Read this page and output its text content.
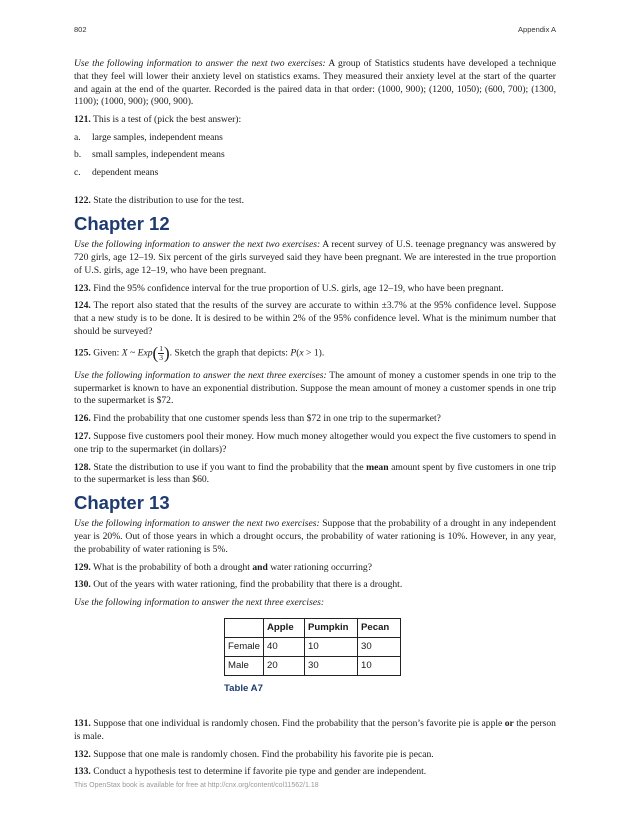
802	Appendix A

Use the following information to answer the next two exercises: A group of Statistics students have developed a technique that they feel will lower their anxiety level on statistics exams. They measured their anxiety level at the start of the quarter and again at the end of the quarter. Recorded is the paired data in that order: (1000, 900); (1200, 1050); (600, 700); (1300, 1100); (1000, 900); (900, 900).

121. This is a test of (pick the best answer):

a.	large samples, independent means
b.	small samples, independent means
c.	dependent means

122. State the distribution to use for the test.

Chapter 12

Use the following information to answer the next two exercises: A recent survey of U.S. teenage pregnancy was answered by 720 girls, age 12–19. Six percent of the girls surveyed said they have been pregnant. We are interested in the true proportion of U.S. girls, age 12–19, who have been pregnant.

123. Find the 95% confidence interval for the true proportion of U.S. girls, age 12–19, who have been pregnant.

124. The report also stated that the results of the survey are accurate to within ±3.7% at the 95% confidence level. Suppose that a new study is to be done. It is desired to be within 2% of the 95% confidence level. What is the minimum number that should be surveyed?

125. Given: X ~ $Exp( \frac{1}{3}$ ). Sketch the graph that depicts: P(x > 1).

Use the following information to answer the next three exercises: The amount of money a customer spends in one trip to the supermarket is known to have an exponential distribution. Suppose the mean amount of money a customer spends in one trip to the supermarket is $72.

126. Find the probability that one customer spends less than $72 in one trip to the supermarket?

127. Suppose five customers pool their money. How much money altogether would you expect the five customers to spend in one trip to the supermarket (in dollars)?

128. State the distribution to use if you want to find the probability that the mean amount spent by five customers in one trip to the supermarket is less than $60.

Chapter 13

Use the following information to answer the next two exercises: Suppose that the probability of a drought in any independent year is 20%. Out of those years in which a drought occurs, the probability of water rationing is 10%. However, in any year, the probability of water rationing is 5%.

129. What is the probability of both a drought and water rationing occurring?

130. Out of the years with water rationing, find the probability that there is a drought.

Use the following information to answer the next three exercises:

	Apple	Pumpkin	Pecan
Female	40	10	30
Male	20	30	10
Table A7

131. Suppose that one individual is randomly chosen. Find the probability that the person’s favorite pie is apple or the person is male.

132. Suppose that one male is randomly chosen. Find the probability his favorite pie is pecan.

133. Conduct a hypothesis test to determine if favorite pie type and gender are independent.

This OpenStax book is available for free at http://cnx.org/content/col11562/1.18
